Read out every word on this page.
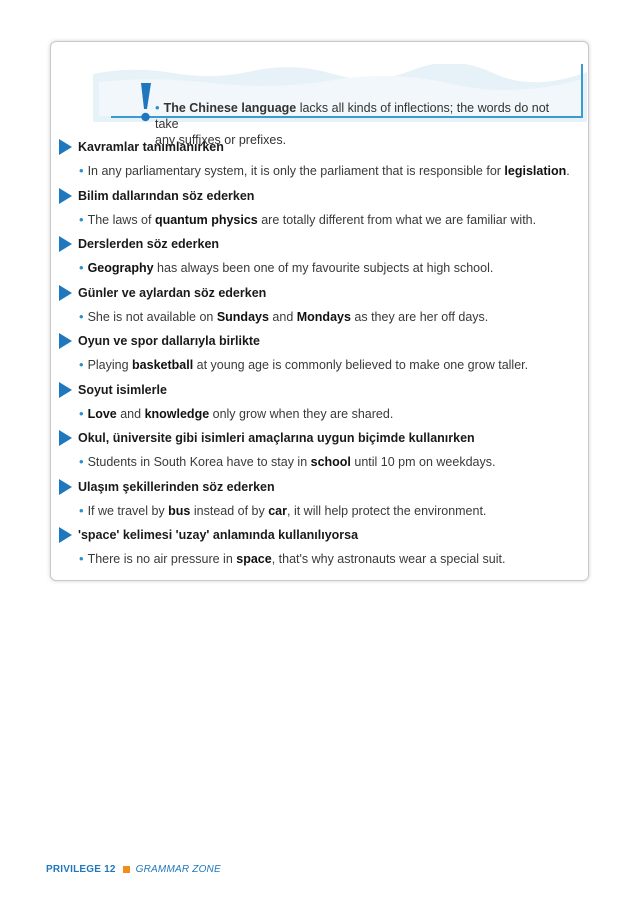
• The Chinese language lacks all kinds of inflections; the words do not take
any suffixes or prefixes.
Kavramlar tanımlanırken
• In any parliamentary system, it is only the parliament that is responsible for legislation.
Bilim dallarından söz ederken
• The laws of quantum physics are totally different from what we are familiar with.
Derslerden söz ederken
• Geography has always been one of my favourite subjects at high school.
Günler ve aylardan söz ederken
• She is not available on Sundays and Mondays as they are her off days.
Oyun ve spor dallarıyla birlikte
• Playing basketball at young age is commonly believed to make one grow taller.
Soyut isimlerle
• Love and knowledge only grow when they are shared.
Okul, üniversite gibi isimleri amaçlarına uygun biçimde kullanırken
• Students in South Korea have to stay in school until 10 pm on weekdays.
Ulaşım şekillerinden söz ederken
• If we travel by bus instead of by car, it will help protect the environment.
'space' kelimesi 'uzay' anlamında kullanılıyorsa
• There is no air pressure in space, that's why astronauts wear a special suit.
PRIVILEGE 12 GRAMMAR ZONE
